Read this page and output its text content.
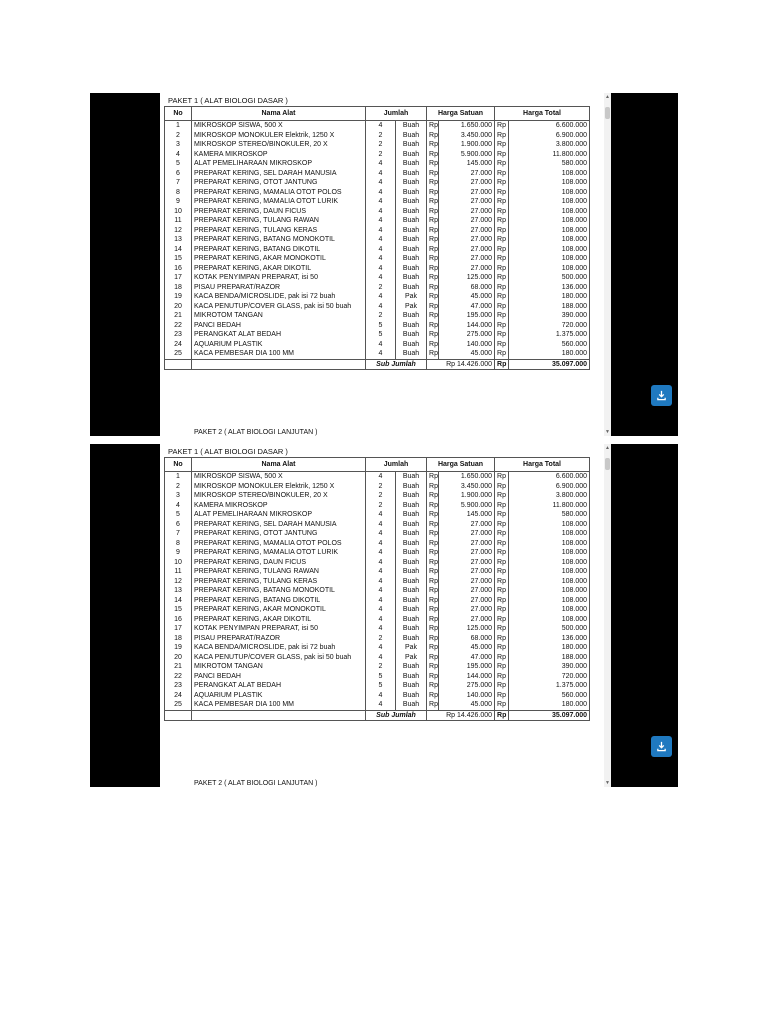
PAKET 1 ( ALAT BIOLOGI DASAR )
No	Nama Alat	Jumlah		Harga Satuan		Harga Total	
1	MIKROSKOP SISWA, 500 X	4	Buah	Rp	1.650.000	Rp	6.600.000
2	MIKROSKOP MONOKULER Elektrik, 1250 X	2	Buah	Rp	3.450.000	Rp	6.900.000
3	MIKROSKOP STEREO/BINOKULER, 20 X	2	Buah	Rp	1.900.000	Rp	3.800.000
4	KAMERA MIKROSKOP	2	Buah	Rp	5.900.000	Rp	11.800.000
5	ALAT PEMELIHARAAN MIKROSKOP	4	Buah	Rp	145.000	Rp	580.000
6	PREPARAT KERING, SEL DARAH MANUSIA	4	Buah	Rp	27.000	Rp	108.000
7	PREPARAT KERING, OTOT JANTUNG	4	Buah	Rp	27.000	Rp	108.000
8	PREPARAT KERING, MAMALIA OTOT POLOS	4	Buah	Rp	27.000	Rp	108.000
9	PREPARAT KERING, MAMALIA OTOT LURIK	4	Buah	Rp	27.000	Rp	108.000
10	PREPARAT KERING, DAUN FICUS	4	Buah	Rp	27.000	Rp	108.000
11	PREPARAT KERING, TULANG RAWAN	4	Buah	Rp	27.000	Rp	108.000
12	PREPARAT KERING, TULANG KERAS	4	Buah	Rp	27.000	Rp	108.000
13	PREPARAT KERING, BATANG MONOKOTIL	4	Buah	Rp	27.000	Rp	108.000
14	PREPARAT KERING, BATANG DIKOTIL	4	Buah	Rp	27.000	Rp	108.000
15	PREPARAT KERING, AKAR MONOKOTIL	4	Buah	Rp	27.000	Rp	108.000
16	PREPARAT KERING, AKAR DIKOTIL	4	Buah	Rp	27.000	Rp	108.000
17	KOTAK PENYIMPAN PREPARAT, isi 50	4	Buah	Rp	125.000	Rp	500.000
18	PISAU PREPARAT/RAZOR	2	Buah	Rp	68.000	Rp	136.000
19	KACA BENDA/MICROSLIDE, pak isi 72 buah	4	Pak	Rp	45.000	Rp	180.000
20	KACA PENUTUP/COVER GLASS, pak isi 50 buah	4	Pak	Rp	47.000	Rp	188.000
21	MIKROTOM TANGAN	2	Buah	Rp	195.000	Rp	390.000
22	PANCI BEDAH	5	Buah	Rp	144.000	Rp	720.000
23	PERANGKAT ALAT BEDAH	5	Buah	Rp	275.000	Rp	1.375.000
24	AQUARIUM PLASTIK	4	Buah	Rp	140.000	Rp	560.000
25	KACA PEMBESAR DIA 100 MM	4	Buah	Rp	45.000	Rp	180.000
		Sub Jumlah		Rp 14.426.000		Rp	35.097.000
PAKET 2 ( ALAT BIOLOGI LANJUTAN )
▲
▼
PAKET 1 ( ALAT BIOLOGI DASAR )
No	Nama Alat	Jumlah		Harga Satuan		Harga Total	
1	MIKROSKOP SISWA, 500 X	4	Buah	Rp	1.650.000	Rp	6.600.000
2	MIKROSKOP MONOKULER Elektrik, 1250 X	2	Buah	Rp	3.450.000	Rp	6.900.000
3	MIKROSKOP STEREO/BINOKULER, 20 X	2	Buah	Rp	1.900.000	Rp	3.800.000
4	KAMERA MIKROSKOP	2	Buah	Rp	5.900.000	Rp	11.800.000
5	ALAT PEMELIHARAAN MIKROSKOP	4	Buah	Rp	145.000	Rp	580.000
6	PREPARAT KERING, SEL DARAH MANUSIA	4	Buah	Rp	27.000	Rp	108.000
7	PREPARAT KERING, OTOT JANTUNG	4	Buah	Rp	27.000	Rp	108.000
8	PREPARAT KERING, MAMALIA OTOT POLOS	4	Buah	Rp	27.000	Rp	108.000
9	PREPARAT KERING, MAMALIA OTOT LURIK	4	Buah	Rp	27.000	Rp	108.000
10	PREPARAT KERING, DAUN FICUS	4	Buah	Rp	27.000	Rp	108.000
11	PREPARAT KERING, TULANG RAWAN	4	Buah	Rp	27.000	Rp	108.000
12	PREPARAT KERING, TULANG KERAS	4	Buah	Rp	27.000	Rp	108.000
13	PREPARAT KERING, BATANG MONOKOTIL	4	Buah	Rp	27.000	Rp	108.000
14	PREPARAT KERING, BATANG DIKOTIL	4	Buah	Rp	27.000	Rp	108.000
15	PREPARAT KERING, AKAR MONOKOTIL	4	Buah	Rp	27.000	Rp	108.000
16	PREPARAT KERING, AKAR DIKOTIL	4	Buah	Rp	27.000	Rp	108.000
17	KOTAK PENYIMPAN PREPARAT, isi 50	4	Buah	Rp	125.000	Rp	500.000
18	PISAU PREPARAT/RAZOR	2	Buah	Rp	68.000	Rp	136.000
19	KACA BENDA/MICROSLIDE, pak isi 72 buah	4	Pak	Rp	45.000	Rp	180.000
20	KACA PENUTUP/COVER GLASS, pak isi 50 buah	4	Pak	Rp	47.000	Rp	188.000
21	MIKROTOM TANGAN	2	Buah	Rp	195.000	Rp	390.000
22	PANCI BEDAH	5	Buah	Rp	144.000	Rp	720.000
23	PERANGKAT ALAT BEDAH	5	Buah	Rp	275.000	Rp	1.375.000
24	AQUARIUM PLASTIK	4	Buah	Rp	140.000	Rp	560.000
25	KACA PEMBESAR DIA 100 MM	4	Buah	Rp	45.000	Rp	180.000
		Sub Jumlah		Rp 14.426.000		Rp	35.097.000
PAKET 2 ( ALAT BIOLOGI LANJUTAN )
▲
▼
